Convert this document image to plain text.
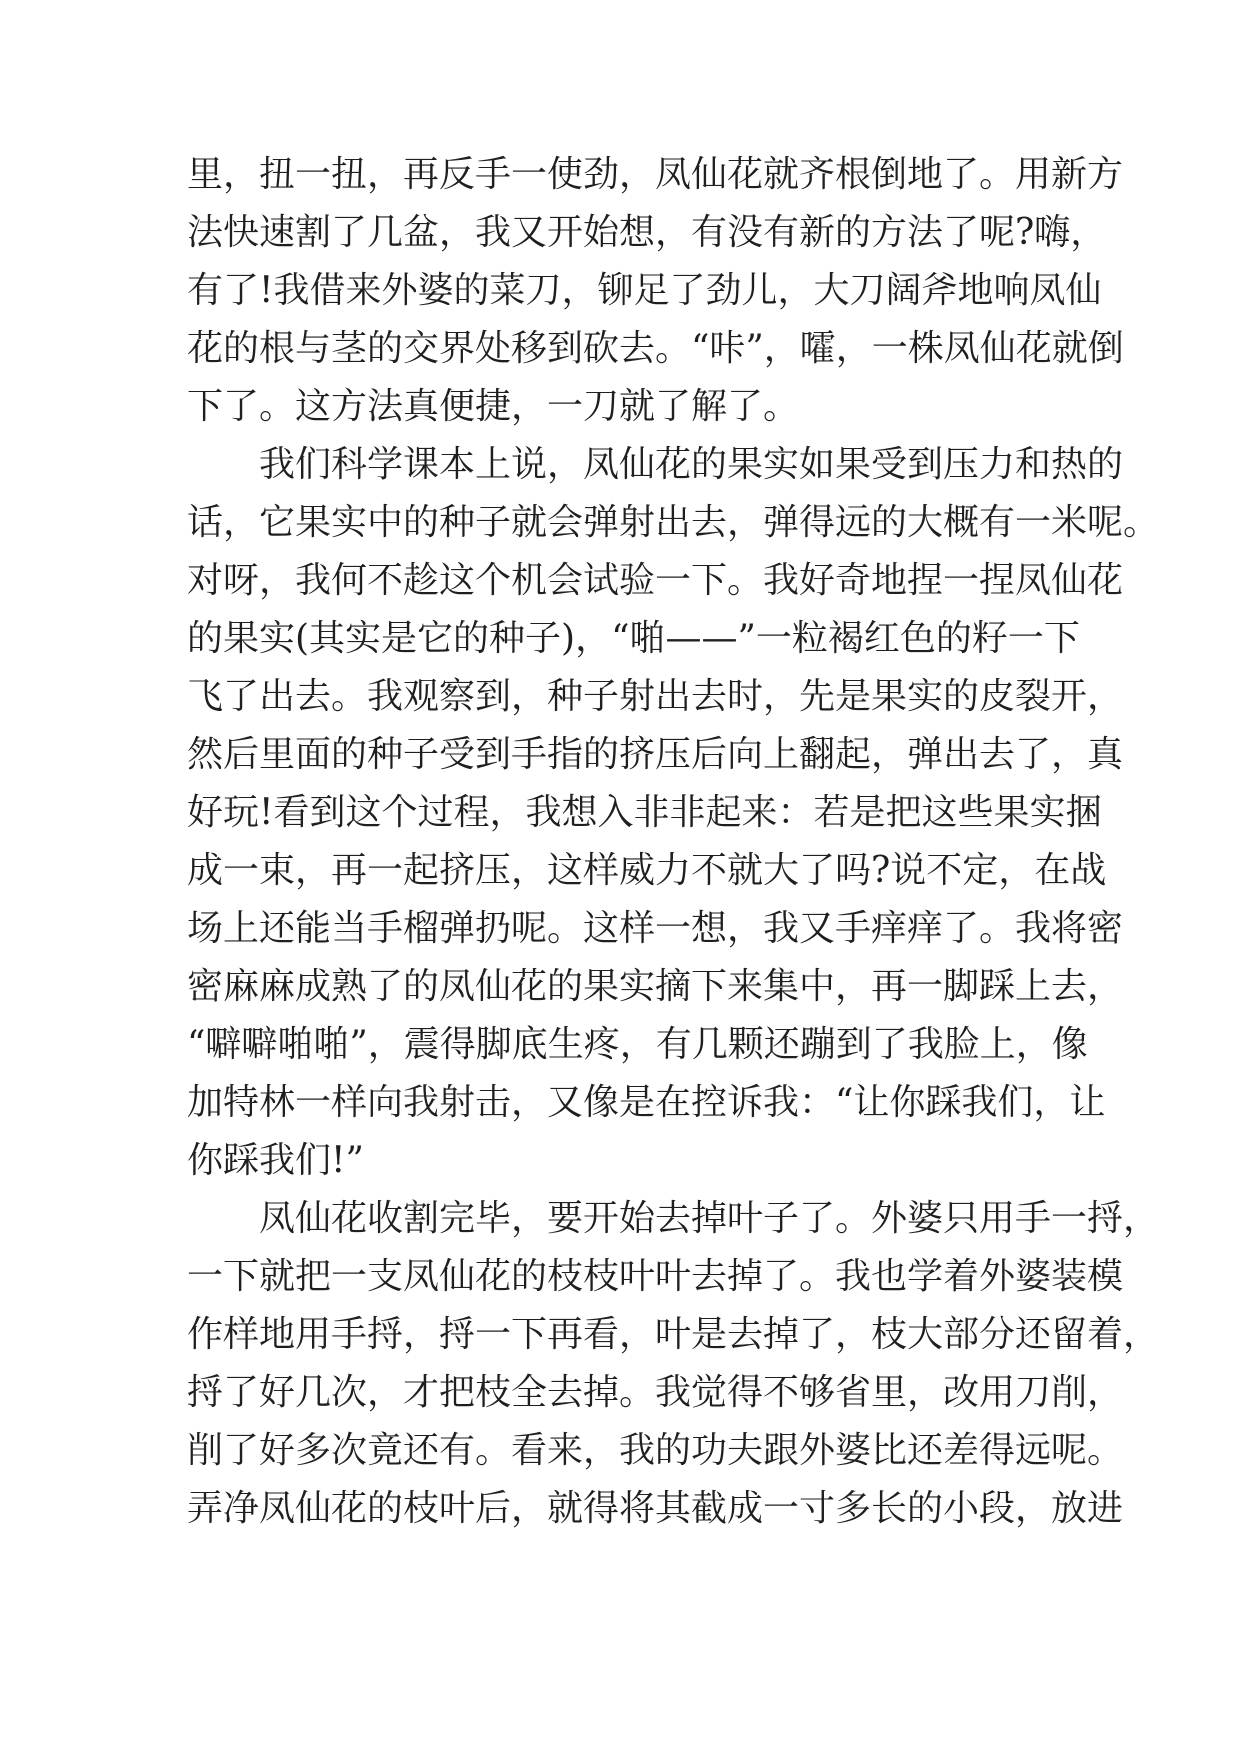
里，扭一扭，再反手一使劲，凤仙花就齐根倒地了。用新方
法快速割了几盆，我又开始想，有没有新的方法了呢?嗨，
有了!我借来外婆的菜刀，铆足了劲儿，大刀阔斧地响凤仙
花的根与茎的交界处移到砍去。“咔”，嚯，一株凤仙花就倒
下了。这方法真便捷，一刀就了解了。
　　我们科学课本上说，凤仙花的果实如果受到压力和热的
话，它果实中的种子就会弹射出去，弹得远的大概有一米呢。
对呀，我何不趁这个机会试验一下。我好奇地捏一捏凤仙花
的果实(其实是它的种子)，“啪——”一粒褐红色的籽一下
飞了出去。我观察到，种子射出去时，先是果实的皮裂开，
然后里面的种子受到手指的挤压后向上翻起，弹出去了，真
好玩!看到这个过程，我想入非非起来：若是把这些果实捆
成一束，再一起挤压，这样威力不就大了吗?说不定，在战
场上还能当手榴弹扔呢。这样一想，我又手痒痒了。我将密
密麻麻成熟了的凤仙花的果实摘下来集中，再一脚踩上去，
“噼噼啪啪”，震得脚底生疼，有几颗还蹦到了我脸上，像
加特林一样向我射击，又像是在控诉我：“让你踩我们，让
你踩我们!”
　　凤仙花收割完毕，要开始去掉叶子了。外婆只用手一捋，
一下就把一支凤仙花的枝枝叶叶去掉了。我也学着外婆装模
作样地用手捋，捋一下再看，叶是去掉了，枝大部分还留着，
捋了好几次，才把枝全去掉。我觉得不够省里，改用刀削，
削了好多次竟还有。看来，我的功夫跟外婆比还差得远呢。
弄净凤仙花的枝叶后，就得将其截成一寸多长的小段，放进
